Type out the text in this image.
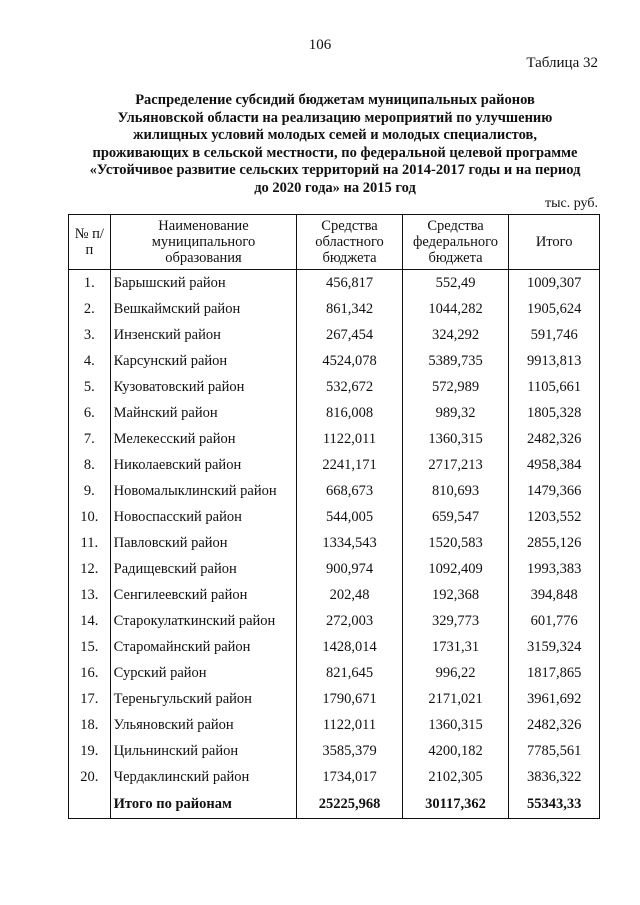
106
Таблица 32
Распределение субсидий бюджетам муниципальных районов
Ульяновской области на реализацию мероприятий по улучшению
жилищных условий молодых семей и молодых специалистов,
проживающих в сельской местности, по федеральной целевой программе
«Устойчивое развитие сельских территорий на 2014-2017 годы и на период
до 2020 года» на 2015 год
тыс. руб.
№ п/п	Наименование муниципального образования	Средства областного бюджета	Средства федерального бюджета	Итого
1.	Барышский район	456,817	552,49	1009,307
2.	Вешкаймский район	861,342	1044,282	1905,624
3.	Инзенский район	267,454	324,292	591,746
4.	Карсунский район	4524,078	5389,735	9913,813
5.	Кузоватовский район	532,672	572,989	1105,661
6.	Майнский район	816,008	989,32	1805,328
7.	Мелекесский район	1122,011	1360,315	2482,326
8.	Николаевский район	2241,171	2717,213	4958,384
9.	Новомалыклинский район	668,673	810,693	1479,366
10.	Новоспасский район	544,005	659,547	1203,552
11.	Павловский район	1334,543	1520,583	2855,126
12.	Радищевский район	900,974	1092,409	1993,383
13.	Сенгилеевский район	202,48	192,368	394,848
14.	Старокулаткинский район	272,003	329,773	601,776
15.	Старомайнский район	1428,014	1731,31	3159,324
16.	Сурский район	821,645	996,22	1817,865
17.	Тереньгульский район	1790,671	2171,021	3961,692
18.	Ульяновский район	1122,011	1360,315	2482,326
19.	Цильнинский район	3585,379	4200,182	7785,561
20.	Чердаклинский район	1734,017	2102,305	3836,322
	Итого по районам	25225,968	30117,362	55343,33
